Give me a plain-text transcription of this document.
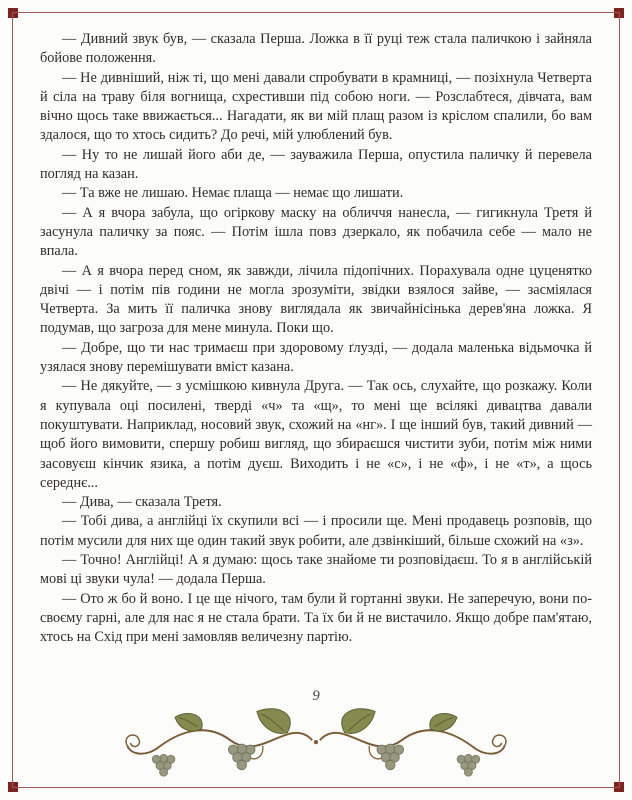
— Дивний звук був, — сказала Перша. Ложка в її руці теж стала паличкою і зайняла бойове положення.

— Не дивніший, ніж ті, що мені давали спробувати в крамниці, — позіхнула Четверта й сіла на траву біля вогнища, схрестивши під собою ноги. — Розслабтеся, дівчата, вам вічно щось таке ввижається... Нагадати, як ви мій плащ разом із кріслом спалили, бо вам здалося, що то хтось сидить? До речі, мій улюблений був.

— Ну то не лишай його аби де, — зауважила Перша, опустила паличку й перевела погляд на казан.

— Та вже не лишаю. Немає плаща — немає що лишати.

— А я вчора забула, що огіркову маску на обличчя нанесла, — гигикнула Третя й засунула паличку за пояс. — Потім ішла повз дзеркало, як побачила себе — мало не впала.

— А я вчора перед сном, як завжди, лічила підопічних. Порахувала одне цуценятко двічі — і потім пів години не могла зрозуміти, звідки взялося зайве, — засміялася Четверта. За мить її паличка знову виглядала як звичайнісінька дерев'яна ложка. Я подумав, що загроза для мене минула. Поки що.

— Добре, що ти нас тримаєш при здоровому ґлузді, — додала маленька відьмочка й узялася знову перемішувати вміст казана.

— Не дякуйте, — з усмішкою кивнула Друга. — Так ось, слухайте, що розкажу. Коли я купувала оці посилені, тверді «ч» та «щ», то мені ще всілякі дивацтва давали покуштувати. Наприклад, носовий звук, схожий на «нг». І ще інший був, такий дивний — щоб його вимовити, спершу робиш вигляд, що збираєшся чистити зуби, потім між ними засовуєш кінчик язика, а потім дуєш. Виходить і не «с», і не «ф», і не «т», а щось середнє...

— Дива, — сказала Третя.

— Тобі дива, а англійці їх скупили всі — і просили ще. Мені продавець розповів, що потім мусили для них ще один такий звук робити, але дзвінкіший, більше схожий на «з».

— Точно! Англійці! А я думаю: щось таке знайоме ти розповідаєш. То я в англійській мові ці звуки чула! — додала Перша.

— Ото ж бо й воно. І це ще нічого, там були й гортанні звуки. Не заперечую, вони по-своєму гарні, але для нас я не стала брати. Та їх би й не вистачило. Якщо добре пам'ятаю, хтось на Схід при мені замовляв величезну партію.

9
